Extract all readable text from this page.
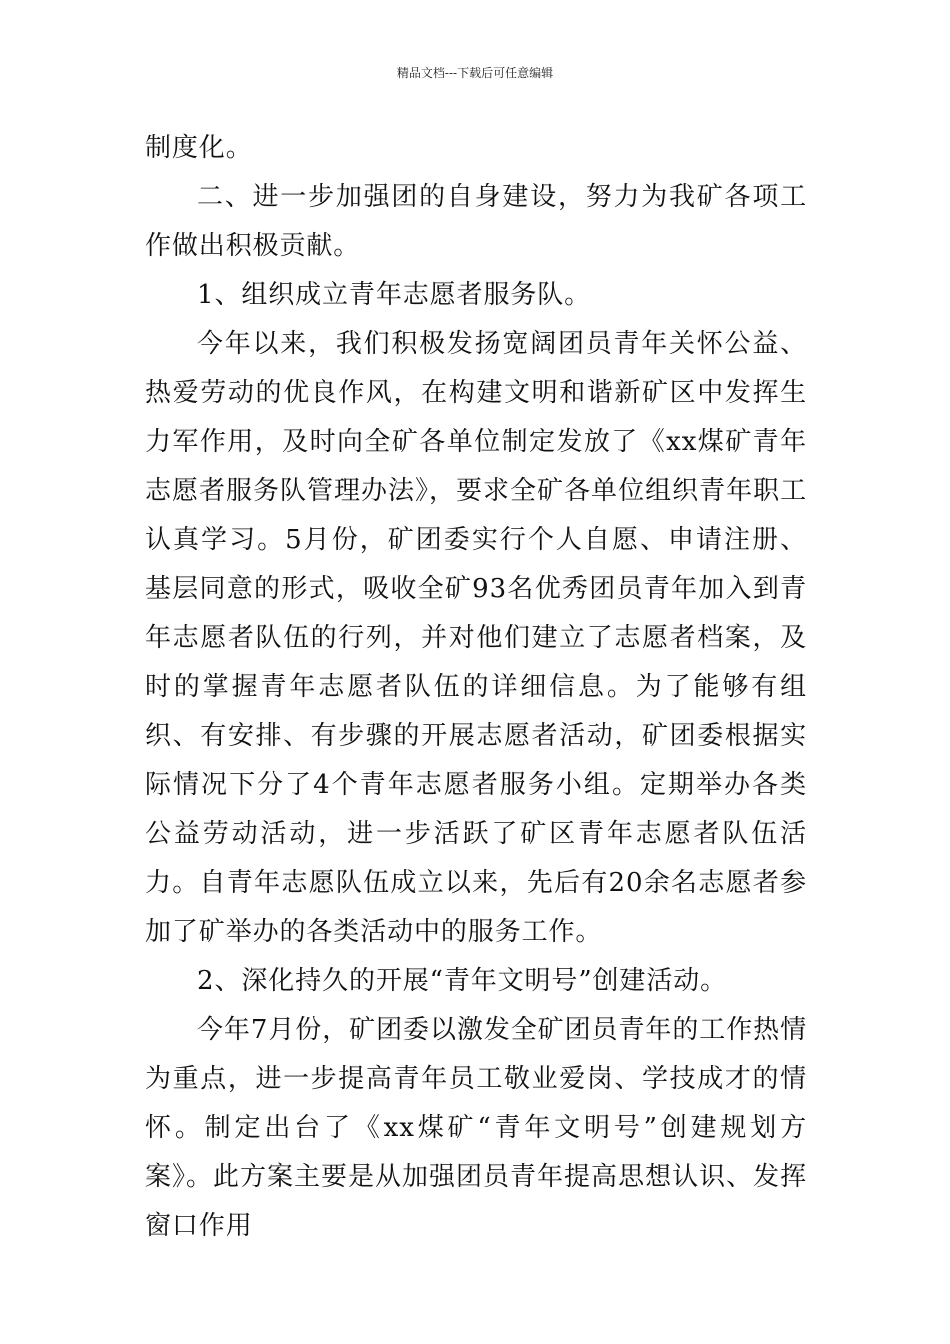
精品文档---下载后可任意编辑

制度化。

二、进一步加强团的自身建设，努力为我矿各项工作做出积极贡献。

1、组织成立青年志愿者服务队。

今年以来，我们积极发扬宽阔团员青年关怀公益、热爱劳动的优良作风，在构建文明和谐新矿区中发挥生力军作用，及时向全矿各单位制定发放了《xx煤矿青年志愿者服务队管理办法》，要求全矿各单位组织青年职工认真学习。5月份，矿团委实行个人自愿、申请注册、基层同意的形式，吸收全矿93名优秀团员青年加入到青年志愿者队伍的行列，并对他们建立了志愿者档案，及时的掌握青年志愿者队伍的详细信息。为了能够有组织、有安排、有步骤的开展志愿者活动，矿团委根据实际情况下分了4个青年志愿者服务小组。定期举办各类公益劳动活动，进一步活跃了矿区青年志愿者队伍活力。自青年志愿队伍成立以来，先后有20余名志愿者参加了矿举办的各类活动中的服务工作。

2、深化持久的开展“青年文明号”创建活动。

今年7月份，矿团委以激发全矿团员青年的工作热情为重点，进一步提高青年员工敬业爱岗、学技成才的情怀。制定出台了《xx煤矿“青年文明号”创建规划方案》。此方案主要是从加强团员青年提高思想认识、发挥窗口作用
